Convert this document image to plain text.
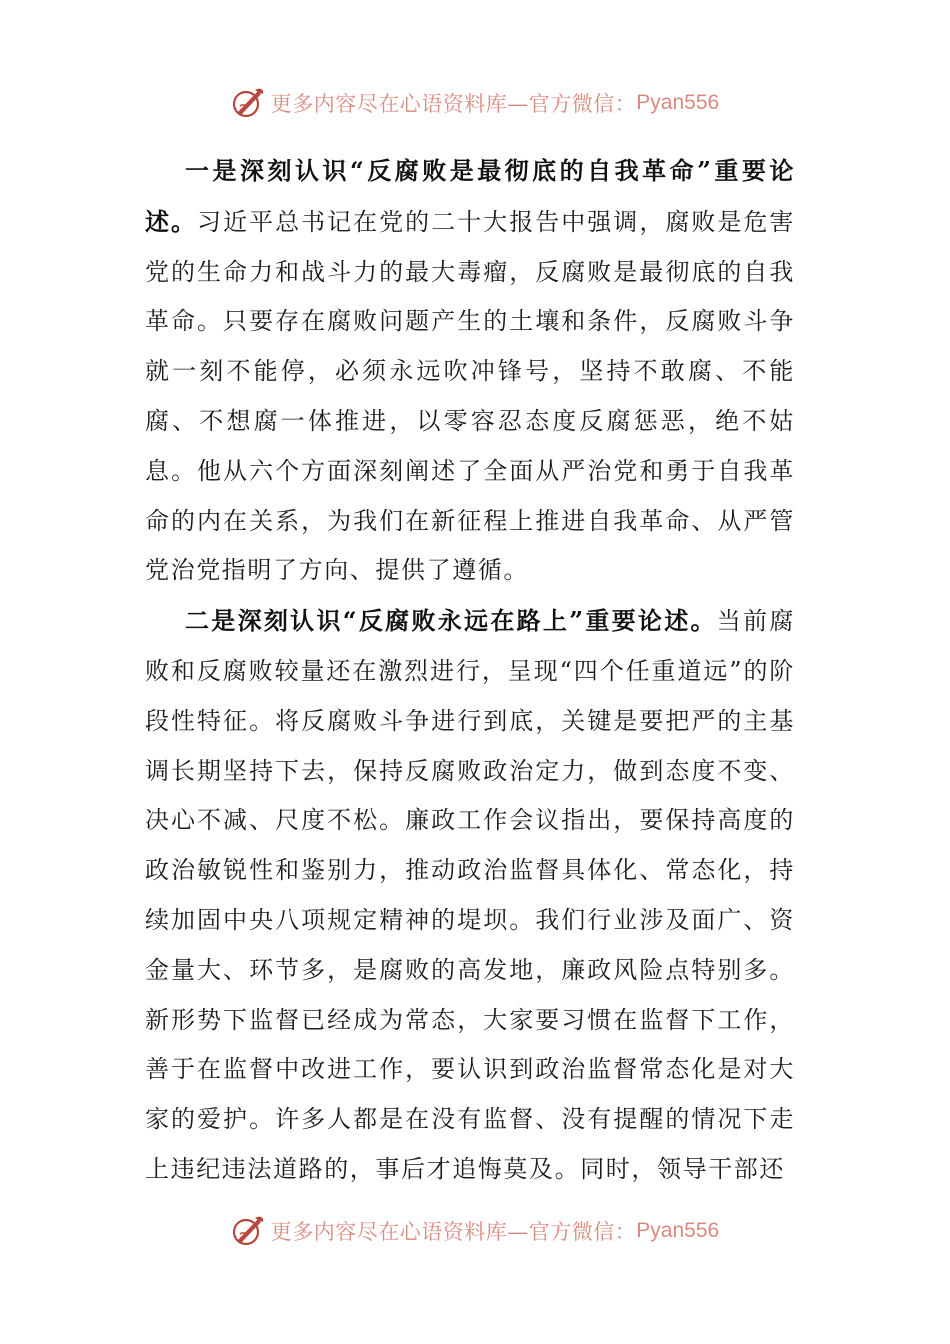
更多内容尽在心语资料库—官方微信： Pyan556

一是深刻认识“反腐败是最彻底的自我革命”重要论述。习近平总书记在党的二十大报告中强调，腐败是危害党的生命力和战斗力的最大毒瘤，反腐败是最彻底的自我革命。只要存在腐败问题产生的土壤和条件，反腐败斗争就一刻不能停，必须永远吹冲锋号，坚持不敢腐、不能腐、不想腐一体推进，以零容忍态度反腐惩恶，绝不姑息。他从六个方面深刻阐述了全面从严治党和勇于自我革命的内在关系，为我们在新征程上推进自我革命、从严管党治党指明了方向、提供了遵循。

二是深刻认识“反腐败永远在路上”重要论述。当前腐败和反腐败较量还在激烈进行，呈现“四个任重道远”的阶段性特征。将反腐败斗争进行到底，关键是要把严的主基调长期坚持下去，保持反腐败政治定力，做到态度不变、决心不减、尺度不松。廉政工作会议指出，要保持高度的政治敏锐性和鉴别力，推动政治监督具体化、常态化，持续加固中央八项规定精神的堤坝。我们行业涉及面广、资金量大、环节多，是腐败的高发地，廉政风险点特别多。新形势下监督已经成为常态，大家要习惯在监督下工作，善于在监督中改进工作，要认识到政治监督常态化是对大家的爱护。许多人都是在没有监督、没有提醒的情况下走上违纪违法道路的，事后才追悔莫及。同时，领导干部还

更多内容尽在心语资料库—官方微信： Pyan556
